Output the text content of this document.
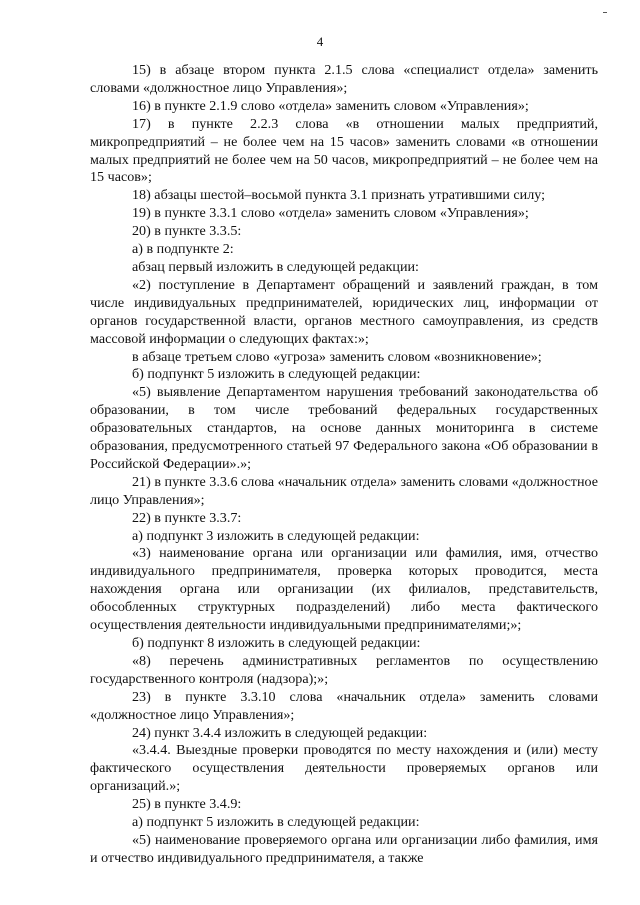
4

15) в абзаце втором пункта 2.1.5 слова «специалист отдела» заменить словами «должностное лицо Управления»;

16) в пункте 2.1.9 слово «отдела» заменить словом «Управления»;

17) в пункте 2.2.3 слова «в отношении малых предприятий, микропредприятий – не более чем на 15 часов» заменить словами «в отношении малых предприятий не более чем на 50 часов, микропредприятий – не более чем на 15 часов»;

18) абзацы шестой–восьмой пункта 3.1 признать утратившими силу;

19) в пункте 3.3.1 слово «отдела» заменить словом «Управления»;

20) в пункте 3.3.5:

а) в подпункте 2:

абзац первый изложить в следующей редакции:

«2) поступление в Департамент обращений и заявлений граждан, в том числе индивидуальных предпринимателей, юридических лиц, информации от органов государственной власти, органов местного самоуправления, из средств массовой информации о следующих фактах:»;

в абзаце третьем слово «угроза» заменить словом «возникновение»;

б) подпункт 5 изложить в следующей редакции:

«5) выявление Департаментом нарушения требований законодательства об образовании, в том числе требований федеральных государственных образовательных стандартов, на основе данных мониторинга в системе образования, предусмотренного статьей 97 Федерального закона «Об образовании в Российской Федерации».»;

21) в пункте 3.3.6 слова «начальник отдела» заменить словами «должностное лицо Управления»;

22) в пункте 3.3.7:

а) подпункт 3 изложить в следующей редакции:

«3) наименование органа или организации или фамилия, имя, отчество индивидуального предпринимателя, проверка которых проводится, места нахождения органа или организации (их филиалов, представительств, обособленных структурных подразделений) либо места фактического осуществления деятельности индивидуальными предпринимателями;»;

б) подпункт 8 изложить в следующей редакции:

«8) перечень административных регламентов по осуществлению государственного контроля (надзора);»;

23) в пункте 3.3.10 слова «начальник отдела» заменить словами «должностное лицо Управления»;

24) пункт 3.4.4 изложить в следующей редакции:

«3.4.4. Выездные проверки проводятся по месту нахождения и (или) месту фактического осуществления деятельности проверяемых органов или организаций.»;

25) в пункте 3.4.9:

а) подпункт 5 изложить в следующей редакции:

«5) наименование проверяемого органа или организации либо фамилия, имя и отчество индивидуального предпринимателя, а также
